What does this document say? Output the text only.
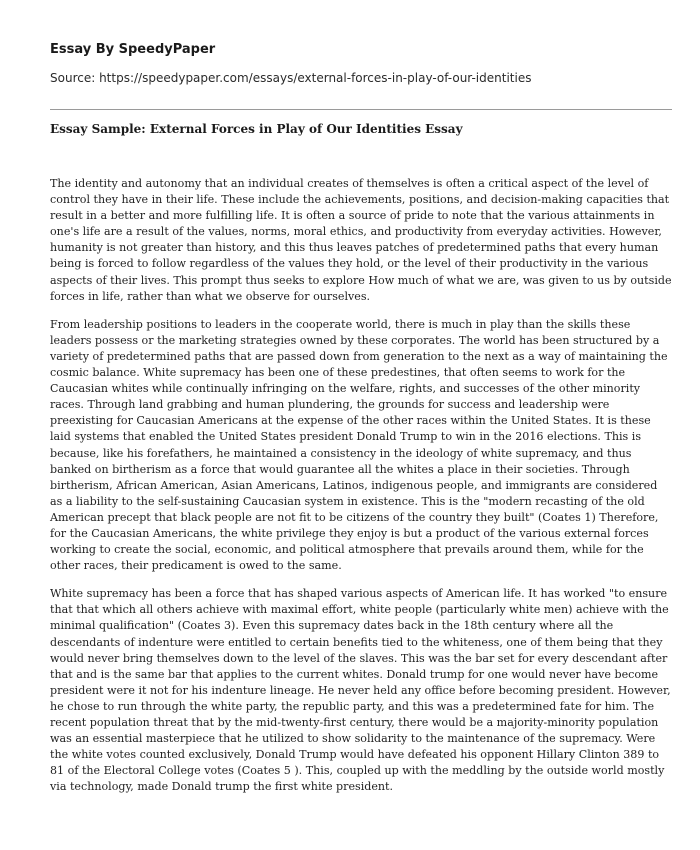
Essay By SpeedyPaper
Source: https://speedypaper.com/essays/external-forces-in-play-of-our-identities
Essay Sample: External Forces in Play of Our Identities Essay

The identity and autonomy that an individual creates of themselves is often a critical aspect of the level of control they have in their life. These include the achievements, positions, and decision-making capacities that result in a better and more fulfilling life. It is often a source of pride to note that the various attainments in one's life are a result of the values, norms, moral ethics, and productivity from everyday activities. However, humanity is not greater than history, and this thus leaves patches of predetermined paths that every human being is forced to follow regardless of the values they hold, or the level of their productivity in the various aspects of their lives. This prompt thus seeks to explore How much of what we are, was given to us by outside forces in life, rather than what we observe for ourselves.

From leadership positions to leaders in the cooperate world, there is much in play than the skills these leaders possess or the marketing strategies owned by these corporates. The world has been structured by a variety of predetermined paths that are passed down from generation to the next as a way of maintaining the cosmic balance. White supremacy has been one of these predestines, that often seems to work for the Caucasian whites while continually infringing on the welfare, rights, and successes of the other minority races. Through land grabbing and human plundering, the grounds for success and leadership were preexisting for Caucasian Americans at the expense of the other races within the United States. It is these laid systems that enabled the United States president Donald Trump to win in the 2016 elections. This is because, like his forefathers, he maintained a consistency in the ideology of white supremacy, and thus banked on birtherism as a force that would guarantee all the whites a place in their societies. Through birtherism, African American, Asian Americans, Latinos, indigenous people, and immigrants are considered as a liability to the self-sustaining Caucasian system in existence. This is the "modern recasting of the old American precept that black people are not fit to be citizens of the country they built" (Coates 1) Therefore, for the Caucasian Americans, the white privilege they enjoy is but a product of the various external forces working to create the social, economic, and political atmosphere that prevails around them, while for the other races, their predicament is owed to the same.

White supremacy has been a force that has shaped various aspects of American life. It has worked "to ensure that that which all others achieve with maximal effort, white people (particularly white men) achieve with the minimal qualification" (Coates 3). Even this supremacy dates back in the 18th century where all the descendants of indenture were entitled to certain benefits tied to the whiteness, one of them being that they would never bring themselves down to the level of the slaves. This was the bar set for every descendant after that and is the same bar that applies to the current whites. Donald trump for one would never have become president were it not for his indenture lineage. He never held any office before becoming president. However, he chose to run through the white party, the republic party, and this was a predetermined fate for him. The recent population threat that by the mid-twenty-first century, there would be a majority-minority population was an essential masterpiece that he utilized to show solidarity to the maintenance of the supremacy. Were the white votes counted exclusively, Donald Trump would have defeated his opponent Hillary Clinton 389 to 81 of the Electoral College votes (Coates 5 ). This, coupled up with the meddling by the outside world mostly via technology, made Donald trump the first white president.
